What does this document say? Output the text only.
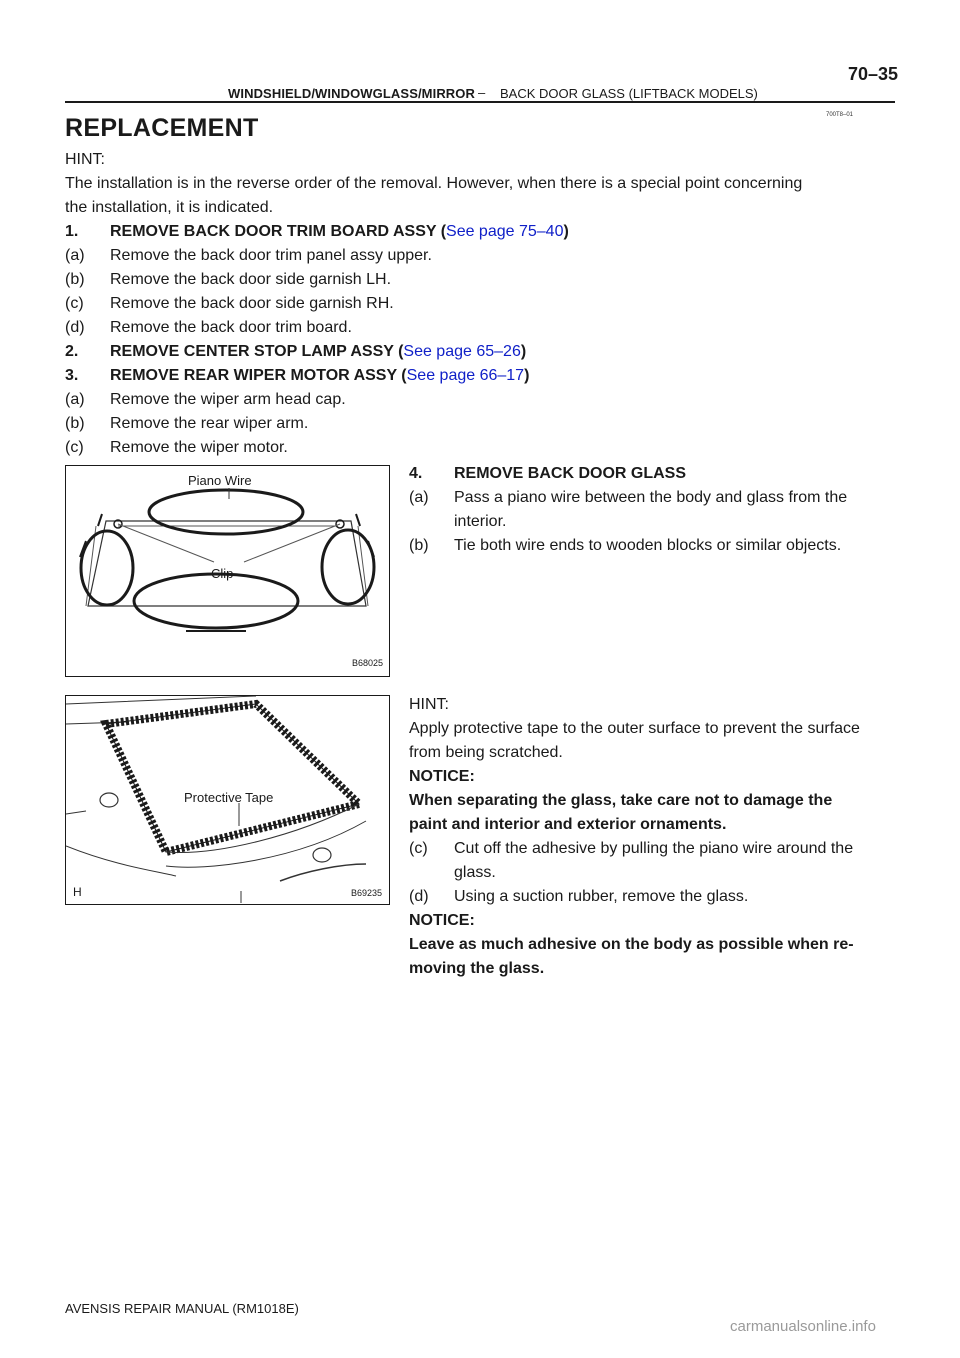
70–35
WINDSHIELD/WINDOWGLASS/MIRROR – BACK DOOR GLASS (LIFTBACK MODELS)
700T8–01
REPLACEMENT
HINT:
The installation is in the reverse order of the removal. However, when there is a special point concerning
the installation, it is indicated.
1. REMOVE BACK DOOR TRIM BOARD ASSY (See page 75–40)
(a) Remove the back door trim panel assy upper.
(b) Remove the back door side garnish LH.
(c) Remove the back door side garnish RH.
(d) Remove the back door trim board.
2. REMOVE CENTER STOP LAMP ASSY (See page 65–26)
3. REMOVE REAR WIPER MOTOR ASSY (See page 66–17)
(a) Remove the wiper arm head cap.
(b) Remove the rear wiper arm.
(c) Remove the wiper motor.
Piano Wire
Clip
B68025
4. REMOVE BACK DOOR GLASS
(a) Pass a piano wire between the body and glass from the
interior.
(b) Tie both wire ends to wooden blocks or similar objects.
Protective Tape
H	B69235
HINT:
Apply protective tape to the outer surface to prevent the surface
from being scratched.
NOTICE:
When separating the glass, take care not to damage the
paint and interior and exterior ornaments.
(c) Cut off the adhesive by pulling the piano wire around the
glass.
(d) Using a suction rubber, remove the glass.
NOTICE:
Leave as much adhesive on the body as possible when re-
moving the glass.
AVENSIS REPAIR MANUAL (RM1018E)
carmanualsonline.info
